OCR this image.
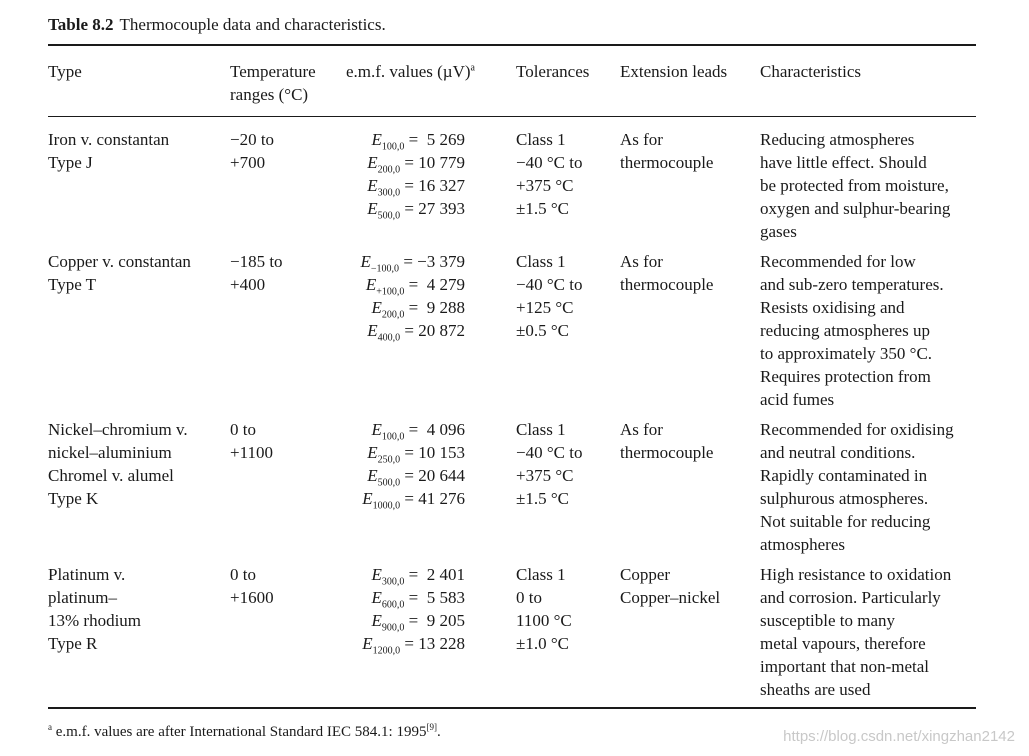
Table 8.2 Thermocouple data and characteristics.
Type	Temperature
ranges (°C)
e.m.f. values $(\mu V)^a$ Tolerances Extension leads Characteristics
Iron v. constantan
Type J
−20 to
+700
$E_{100,0} = 5$ 269
$E_{200,0} = 10$ 779
$E_{300,0} = 16$ 327
$E_{500,0} = 27$ 393
Class 1
−40 °C to
+375 °C
±1.5 °C
As for
thermocouple
Reducing atmospheres
have little effect. Should
be protected from moisture,
oxygen and sulphur-bearing
gases
Copper v. constantan
Type T
−185 to
+400
$E_{-100,0} = -3$ 379
$E_{+100,0} = 4$ 279
$E_{200,0} = 9$ 288
$E_{400,0} = 20$ 872
Class 1
−40 °C to
+125 °C
±0.5 °C
As for
thermocouple
Recommended for low
and sub-zero temperatures.
Resists oxidising and
reducing atmospheres up
to approximately 350 °C.
Requires protection from
acid fumes
Nickel–chromium v.
nickel–aluminium
Chromel v. alumel
Type K
0 to
+1100
$E_{100,0} = 4$ 096
$E_{250,0} = 10$ 153
$E_{500,0} = 20$ 644
$E_{1000,0} = 41$ 276
Class 1
−40 °C to
+375 °C
±1.5 °C
As for
thermocouple
Recommended for oxidising
and neutral conditions.
Rapidly contaminated in
sulphurous atmospheres.
Not suitable for reducing
atmospheres
Platinum v.
platinum–
13% rhodium
Type R
0 to
+1600
$E_{300,0} = 2$ 401
$E_{600,0} = 5$ 583
$E_{900,0} = 9$ 205
$E_{1200,0} = 13$ 228
Class 1
0 to
1100 °C
±1.0 °C
Copper
Copper–nickel
High resistance to oxidation
and corrosion. Particularly
susceptible to many
metal vapours, therefore
important that non-metal
sheaths are used
$^a$ e.m.f. values are after International Standard IEC 584.1: 1995[9].	https://blog.csdn.net/xingzhan2142
